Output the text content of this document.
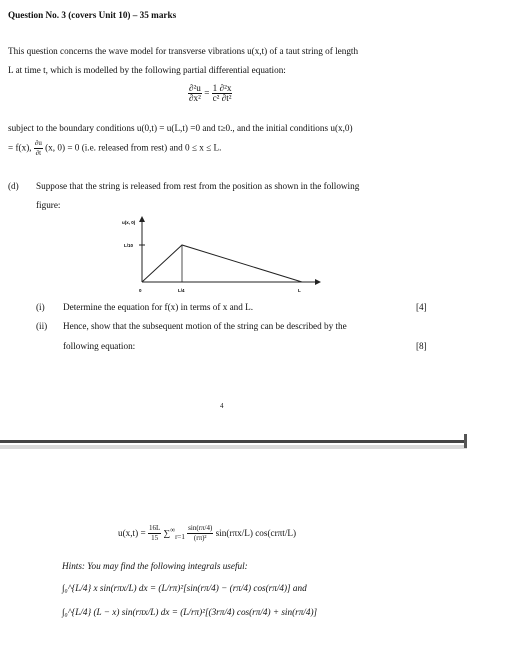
Question No. 3 (covers Unit 10) – 35 marks
This question concerns the wave model for transverse vibrations u(x,t) of a taut string of length
L at time t, which is modelled by the following partial differential equation:
$\frac{\text{∂²u}}{\text{∂x²}} = \frac{\text{1 ∂²x}}{\text{c² ∂t²}}$
subject to the boundary conditions u(0,t) = u(L,t) =0 and t≥0., and the initial conditions u(x,0)
= f(x), $\frac{\partial u}{\partial t} (x$, 0) = 0 (i.e. released from rest) and 0 ≤ x ≤ L.
(d) Suppose that the string is released from rest from the position as shown in the following
figure:
u(x, 0)
L/10
0	L/4	L
(i) Determine the equation for f(x) in terms of x and L.	[4]
(ii) Hence, show that the subsequent motion of the string can be described by the
following equation:	[8]
4
$u(x,t) = \frac{16L}{15} \sum^\infty_{r=1} \frac{\sin(r\pi/4)}{\text{(rπ)²}} \sin(r\pi x/L)$ cos(crπt/L)
Hints: You may find the following integrals useful:
∫₀^{L/4} x sin(rπx/L) dx = (L/rπ)²[sin(rπ/4) − (rπ/4) cos(rπ/4)] and
∫₀^{L/4} (L − x) sin(rπx/L) dx = (L/rπ)²[(3rπ/4) cos(rπ/4) + sin(rπ/4)]
